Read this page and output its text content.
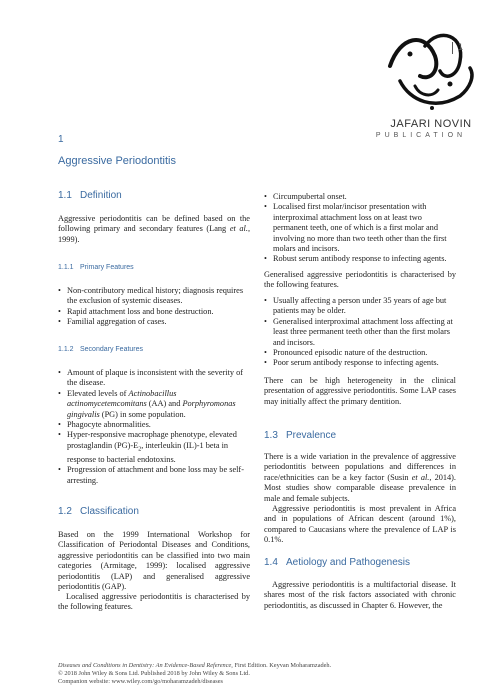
JAFARI NOVIN
PUBLICATION
1
1
Aggressive Periodontitis
1.1 Definition
Aggressive periodontitis can be defined based on the following primary and secondary features (Lang et al., 1999).
1.1.1 Primary Features
• Non-contributory medical history; diagnosis requires the exclusion of systemic diseases.
• Rapid attachment loss and bone destruction.
• Familial aggregation of cases.
1.1.2 Secondary Features
• Amount of plaque is inconsistent with the severity of the disease.
• Elevated levels of Actinobacillus actinomycetemcomitans (AA) and Porphyromonas gingivalis (PG) in some population.
• Phagocyte abnormalities.
• Hyper-responsive macrophage phenotype, elevated prostaglandin $(PG)-E_2$, interleukin (IL)-1 beta in response to bacterial endotoxins.
• Progression of attachment and bone loss may be self-arresting.
1.2 Classification
Based on the 1999 International Workshop for Classification of Periodontal Diseases and Conditions, aggressive periodontitis can be classified into two main categories (Armitage, 1999): localised aggressive periodontitis (LAP) and generalised aggressive periodontitis (GAP).
Localised aggressive periodontitis is characterised by the following features.
• Circumpubertal onset.
• Localised first molar/incisor presentation with interproximal attachment loss on at least two permanent teeth, one of which is a first molar and involving no more than two teeth other than the first molars and incisors.
• Robust serum antibody response to infecting agents.
Generalised aggressive periodontitis is characterised by the following features.
• Usually affecting a person under 35 years of age but patients may be older.
• Generalised interproximal attachment loss affecting at least three permanent teeth other than the first molars and incisors.
• Pronounced episodic nature of the destruction.
• Poor serum antibody response to infecting agents.
There can be high heterogeneity in the clinical presentation of aggressive periodontitis. Some LAP cases may initially affect the primary dentition.
1.3 Prevalence
There is a wide variation in the prevalence of aggressive periodontitis between populations and differences in race/ethnicities can be a key factor (Susin et al., 2014). Most studies show comparable disease prevalence in male and female subjects.
Aggressive periodontitis is most prevalent in Africa and in populations of African descent (around 1%), compared to Caucasians where the prevalence of LAP is 0.1%.
1.4 Aetiology and Pathogenesis
Aggressive periodontitis is a multifactorial disease. It shares most of the risk factors associated with chronic periodontitis, as discussed in Chapter 6. However, the
Diseases and Conditions in Dentistry: An Evidence-Based Reference, First Edition. Keyvan Moharamzadeh.
© 2018 John Wiley & Sons Ltd. Published 2018 by John Wiley & Sons Ltd.
Companion website: www.wiley.com/go/moharamzadeh/diseases
